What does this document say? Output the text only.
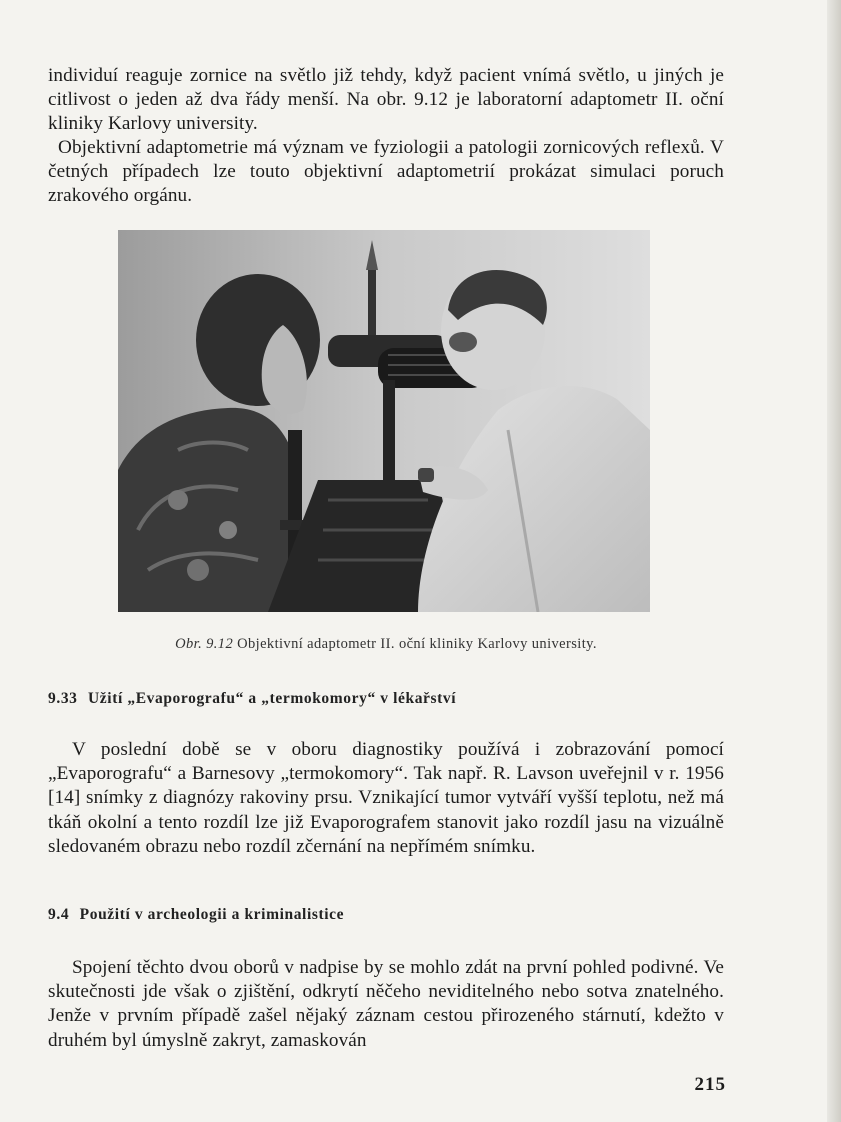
individuí reaguje zornice na světlo již tehdy, když pacient vnímá světlo, u jiných je citlivost o jeden až dva řády menší. Na obr. 9.12 je laboratorní adaptometr II. oční kliniky Karlovy university.

Objektivní adaptometrie má význam ve fyziologii a patologii zornicových reflexů. V četných případech lze touto objektivní adaptometrií prokázat simulaci poruch zrakového orgánu.

Obr. 9.12 Objektivní adaptometr II. oční kliniky Karlovy university.
9.33 Užití „Evaporografu“ a „termokomory“ v lékařství

V poslední době se v oboru diagnostiky používá i zobrazování pomocí „Evaporografu“ a Barnesovy „termokomory“. Tak např. R. Lavson uveřejnil v r. 1956 [14] snímky z diagnózy rakoviny prsu. Vznikající tumor vytváří vyšší teplotu, než má tkáň okolní a tento rozdíl lze již Evaporografem stanovit jako rozdíl jasu na vizuálně sledovaném obrazu nebo rozdíl zčernání na nepřímém snímku.

9.4 Použití v archeologii a kriminalistice

Spojení těchto dvou oborů v nadpise by se mohlo zdát na první pohled podivné. Ve skutečnosti jde však o zjištění, odkrytí něčeho neviditelného nebo sotva znatelného. Jenže v prvním případě zašel nějaký záznam cestou přirozeného stárnutí, kdežto v druhém byl úmyslně zakryt, zamaskován

215
